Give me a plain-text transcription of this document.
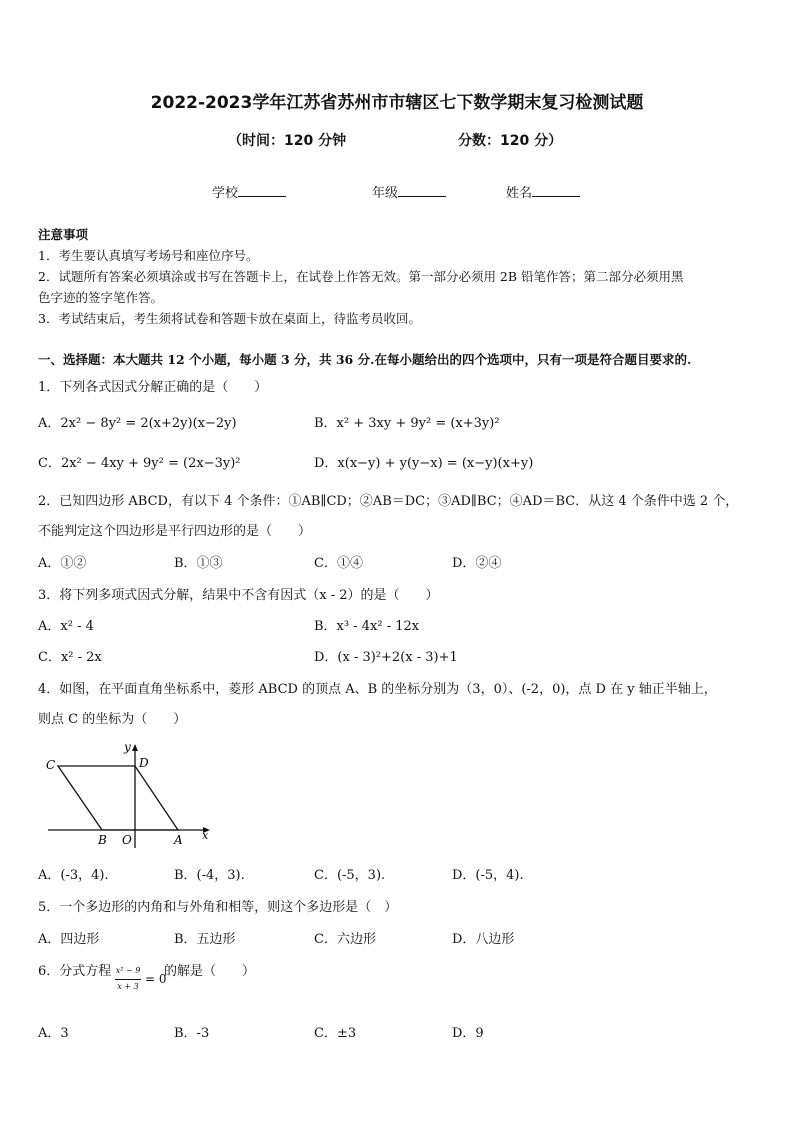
2022-2023学年江苏省苏州市市辖区七下数学期末复习检测试题
（时间：120 分钟	分数：120 分）
学校	年级	姓名
注意事项
1．考生要认真填写考场号和座位序号。
2．试题所有答案必须填涂或书写在答题卡上，在试卷上作答无效。第一部分必须用 2B 铅笔作答；第二部分必须用黑
色字迹的签字笔作答。
3．考试结束后，考生须将试卷和答题卡放在桌面上，待监考员收回。
一、选择题：本大题共 12 个小题，每小题 3 分，共 36 分.在每小题给出的四个选项中，只有一项是符合题目要求的.
1．下列各式因式分解正确的是（　　）
A．2x² − 8y² = 2(x+2y)(x−2y)	B．x² + 3xy + 9y² = (x+3y)²
C．2x² − 4xy + 9y² = (2x−3y)²	D．x(x−y) + y(y−x) = (x−y)(x+y)
2．已知四边形 ABCD，有以下 4 个条件：①AB∥CD；②AB＝DC；③AD∥BC；④AD＝BC．从这 4 个条件中选 2 个，
不能判定这个四边形是平行四边形的是（　　）
A．①②	B．①③	C．①④	D．②④
3．将下列多项式因式分解，结果中不含有因式（x - 2）的是（　　）
A．x² - 4	B．x³ - 4x² - 12x
C．x² - 2x	D．(x - 3)²+2(x - 3)+1
4．如图，在平面直角坐标系中，菱形 ABCD 的顶点 A、B 的坐标分别为（3，0）、(-2，0)，点 D 在 y 轴正半轴上，
则点 C 的坐标为（　　）
C	D
y
B O	A x
A．(-3，4).	B．(-4，3).	C．(-5，3).	D．(-5，4).
5．一个多边形的内角和与外角和相等，则这个多边形是（　）
A．四边形	B．五边形	C．六边形	D．八边形
6．分式方程 x² − 9
x + 3
= 0
的解是（　　）
A．3	B．-3	C．±3	D．9
